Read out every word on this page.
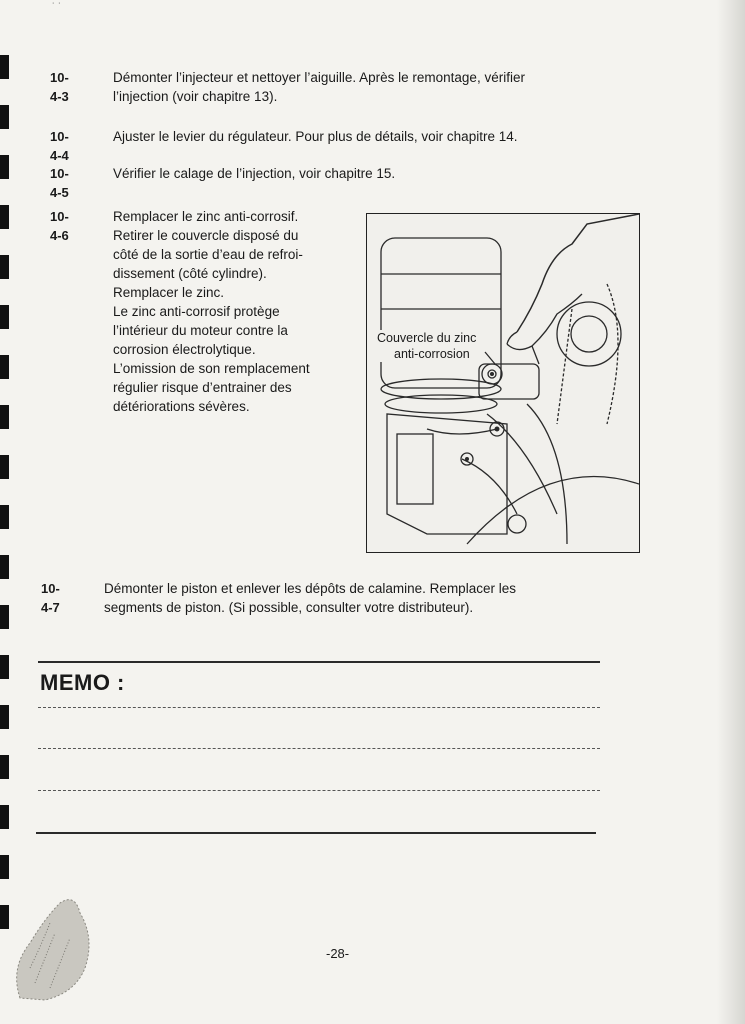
˙ ˙
10-4-3
Démonter l’injecteur et nettoyer l’aiguille. Après le remontage, vérifier
l’injection (voir chapitre 13).
10-4-4
Ajuster le levier du régulateur. Pour plus de détails, voir chapitre 14.
10-4-5
Vérifier le calage de l’injection, voir chapitre 15.
10-4-6
Remplacer le zinc anti-corrosif.
Retirer le couvercle disposé du
côté de la sortie d’eau de refroi-
dissement (côté cylindre).
Remplacer le zinc.
Le zinc anti-corrosif protège
l’intérieur du moteur contre la
corrosion électrolytique.
L’omission de son remplacement
régulier risque d’entrainer des
détériorations sévères.
Couvercle du zinc
anti-corrosion
10-4-7
Démonter le piston et enlever les dépôts de calamine. Remplacer les
segments de piston. (Si possible, consulter votre distributeur).
MEMO :
-28-
